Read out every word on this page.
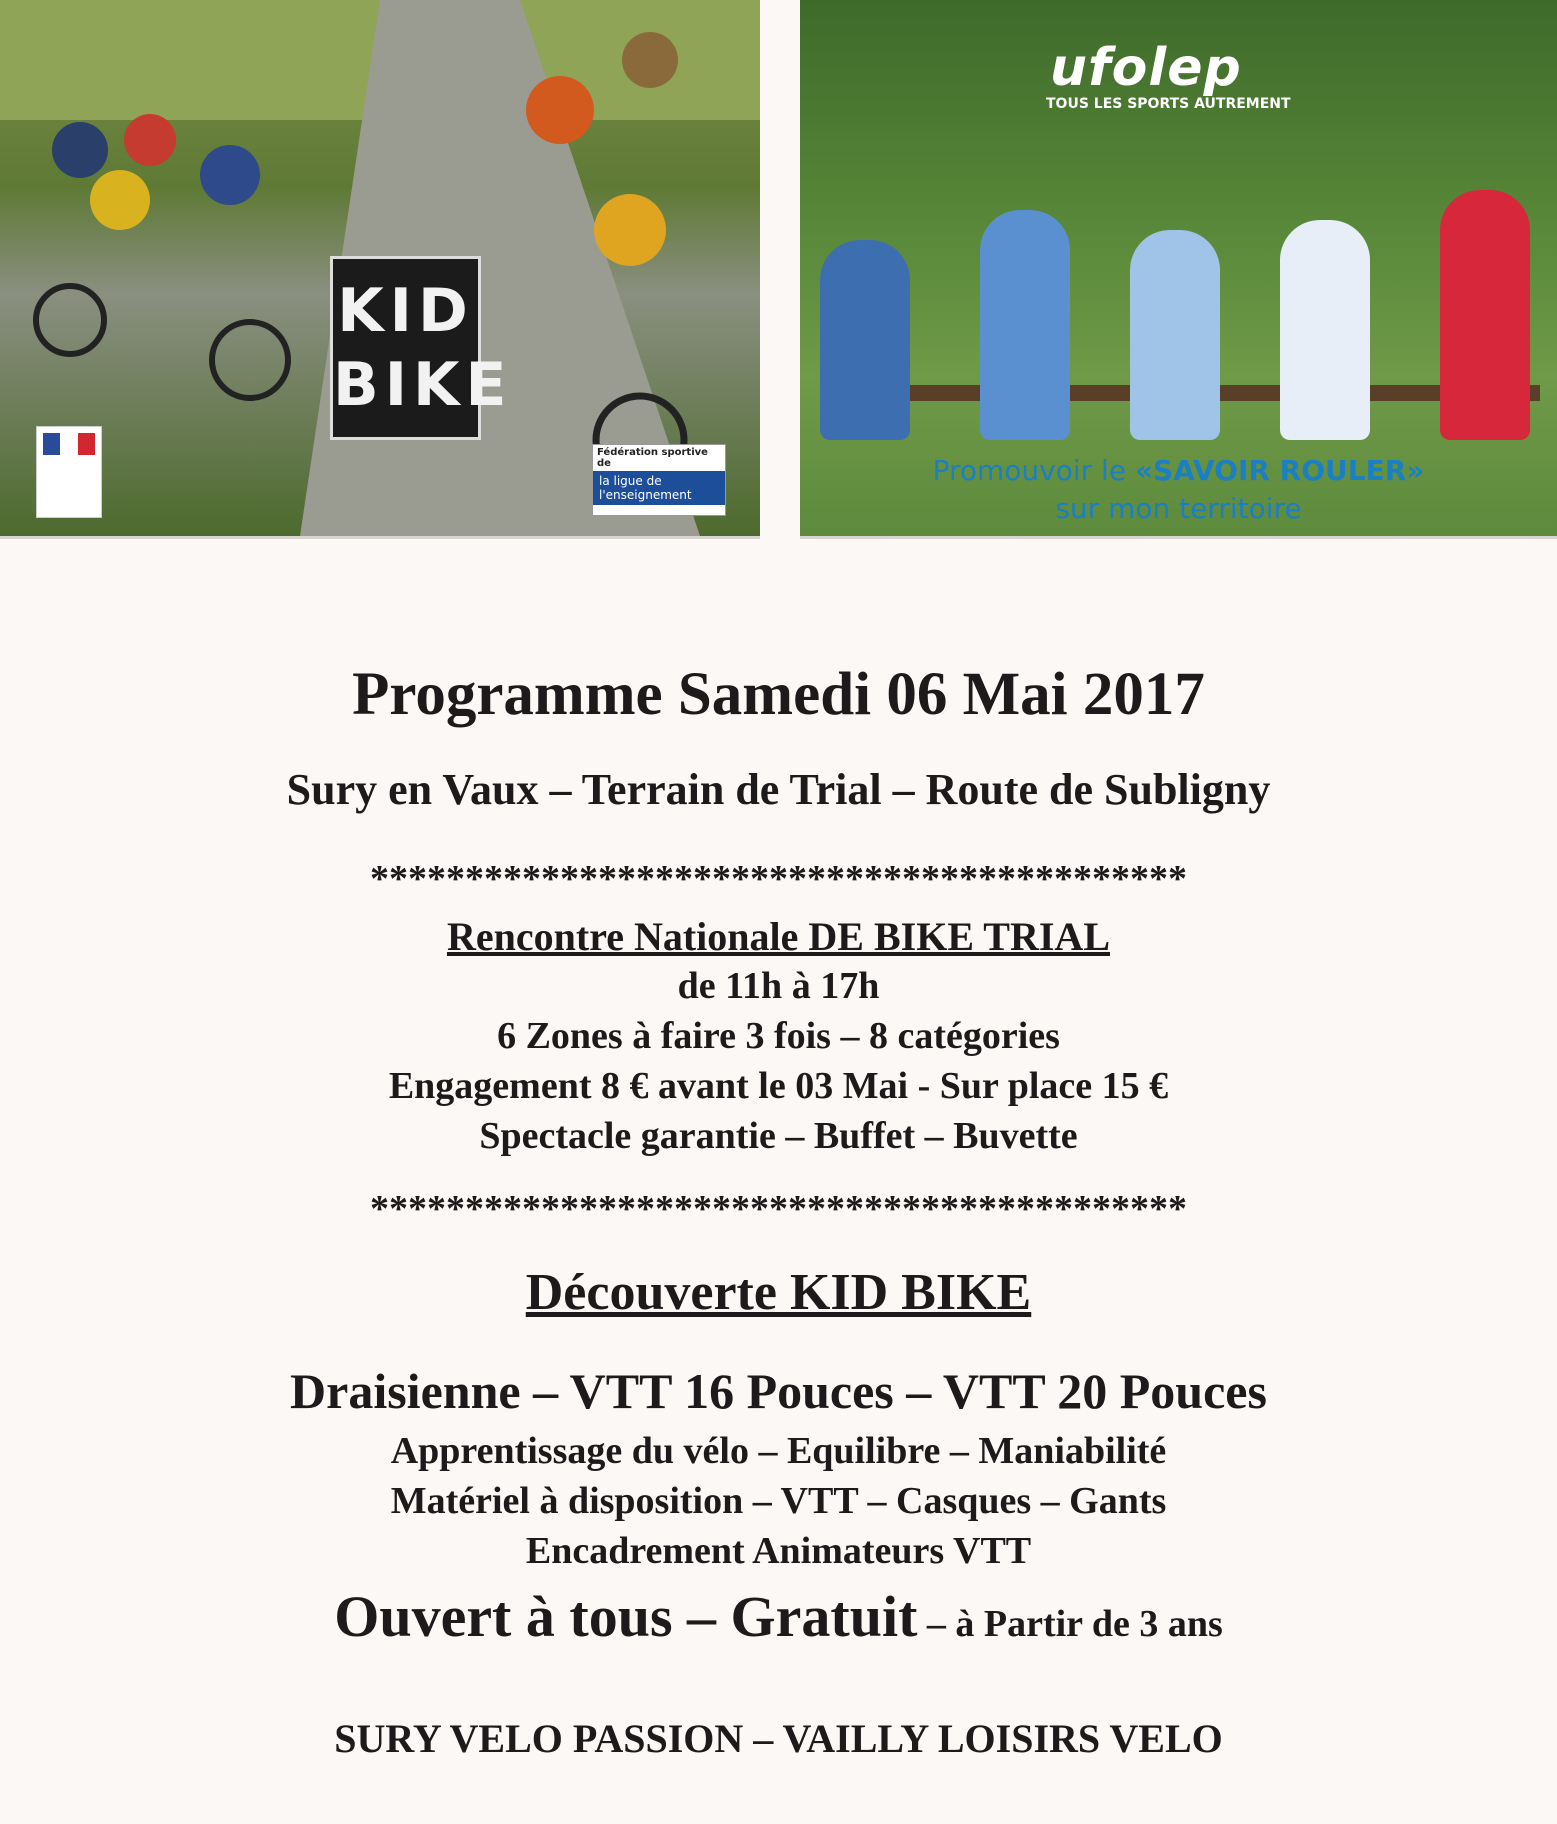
KID
BIKE
Fédération sportive de
la ligue de l'enseignement
ufolep
TOUS LES SPORTS AUTREMENT
Promouvoir le «SAVOIR ROULER»
sur mon territoire
Programme Samedi 06 Mai 2017
Sury en Vaux – Terrain de Trial – Route de Subligny
*******************************************
Rencontre Nationale DE BIKE TRIAL
de 11h à 17h
6 Zones à faire 3 fois – 8 catégories
Engagement 8 € avant le 03 Mai - Sur place 15 €
Spectacle garantie – Buffet – Buvette
*******************************************
Découverte KID BIKE
Draisienne – VTT 16 Pouces – VTT 20 Pouces
Apprentissage du vélo – Equilibre – Maniabilité
Matériel à disposition – VTT – Casques – Gants
Encadrement Animateurs VTT
Ouvert à tous – Gratuit – à Partir de 3 ans
SURY VELO PASSION – VAILLY LOISIRS VELO
